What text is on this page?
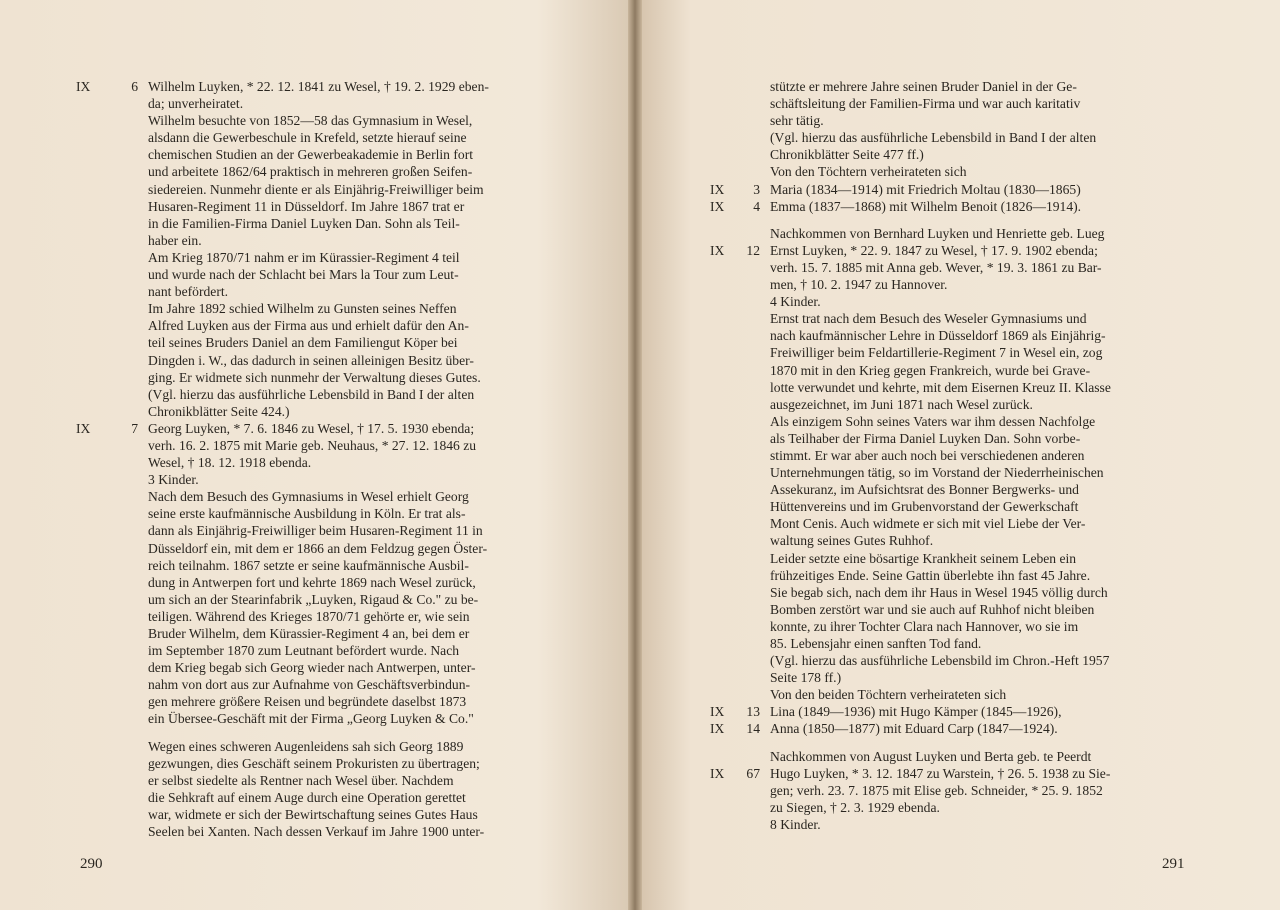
IX	6 Wilhelm Luyken, * 22. 12. 1841 zu Wesel, † 19. 2. 1929 eben-
da; unverheiratet.
Wilhelm besuchte von 1852—58 das Gymnasium in Wesel,
alsdann die Gewerbeschule in Krefeld, setzte hierauf seine
chemischen Studien an der Gewerbeakademie in Berlin fort
und arbeitete 1862/64 praktisch in mehreren großen Seifen-
siedereien. Nunmehr diente er als Einjährig-Freiwilliger beim
Husaren-Regiment 11 in Düsseldorf. Im Jahre 1867 trat er
in die Familien-Firma Daniel Luyken Dan. Sohn als Teil-
haber ein.
Am Krieg 1870/71 nahm er im Kürassier-Regiment 4 teil
und wurde nach der Schlacht bei Mars la Tour zum Leut-
nant befördert.
Im Jahre 1892 schied Wilhelm zu Gunsten seines Neffen
Alfred Luyken aus der Firma aus und erhielt dafür den An-
teil seines Bruders Daniel an dem Familiengut Köper bei
Dingden i. W., das dadurch in seinen alleinigen Besitz über-
ging. Er widmete sich nunmehr der Verwaltung dieses Gutes.
(Vgl. hierzu das ausführliche Lebensbild in Band I der alten
Chronikblätter Seite 424.)
IX	7 Georg Luyken, * 7. 6. 1846 zu Wesel, † 17. 5. 1930 ebenda;
verh. 16. 2. 1875 mit Marie geb. Neuhaus, * 27. 12. 1846 zu
Wesel, † 18. 12. 1918 ebenda.
3 Kinder.
Nach dem Besuch des Gymnasiums in Wesel erhielt Georg
seine erste kaufmännische Ausbildung in Köln. Er trat als-
dann als Einjährig-Freiwilliger beim Husaren-Regiment 11 in
Düsseldorf ein, mit dem er 1866 an dem Feldzug gegen Öster-
reich teilnahm. 1867 setzte er seine kaufmännische Ausbil-
dung in Antwerpen fort und kehrte 1869 nach Wesel zurück,
um sich an der Stearinfabrik „Luyken, Rigaud & Co." zu be-
teiligen. Während des Krieges 1870/71 gehörte er, wie sein
Bruder Wilhelm, dem Kürassier-Regiment 4 an, bei dem er
im September 1870 zum Leutnant befördert wurde. Nach
dem Krieg begab sich Georg wieder nach Antwerpen, unter-
nahm von dort aus zur Aufnahme von Geschäftsverbindun-
gen mehrere größere Reisen und begründete daselbst 1873
ein Übersee-Geschäft mit der Firma „Georg Luyken & Co."
Wegen eines schweren Augenleidens sah sich Georg 1889
gezwungen, dies Geschäft seinem Prokuristen zu übertragen;
er selbst siedelte als Rentner nach Wesel über. Nachdem
die Sehkraft auf einem Auge durch eine Operation gerettet
war, widmete er sich der Bewirtschaftung seines Gutes Haus
Seelen bei Xanten. Nach dessen Verkauf im Jahre 1900 unter-
290
stützte er mehrere Jahre seinen Bruder Daniel in der Ge-
schäftsleitung der Familien-Firma und war auch karitativ
sehr tätig.
(Vgl. hierzu das ausführliche Lebensbild in Band I der alten
Chronikblätter Seite 477 ff.)
Von den Töchtern verheirateten sich
IX	3 Maria (1834—1914) mit Friedrich Moltau (1830—1865)
IX	4 Emma (1837—1868) mit Wilhelm Benoit (1826—1914).
Nachkommen von Bernhard Luyken und Henriette geb. Lueg
IX	12 Ernst Luyken, * 22. 9. 1847 zu Wesel, † 17. 9. 1902 ebenda;
verh. 15. 7. 1885 mit Anna geb. Wever, * 19. 3. 1861 zu Bar-
men, † 10. 2. 1947 zu Hannover.
4 Kinder.
Ernst trat nach dem Besuch des Weseler Gymnasiums und
nach kaufmännischer Lehre in Düsseldorf 1869 als Einjährig-
Freiwilliger beim Feldartillerie-Regiment 7 in Wesel ein, zog
1870 mit in den Krieg gegen Frankreich, wurde bei Grave-
lotte verwundet und kehrte, mit dem Eisernen Kreuz II. Klasse
ausgezeichnet, im Juni 1871 nach Wesel zurück.
Als einzigem Sohn seines Vaters war ihm dessen Nachfolge
als Teilhaber der Firma Daniel Luyken Dan. Sohn vorbe-
stimmt. Er war aber auch noch bei verschiedenen anderen
Unternehmungen tätig, so im Vorstand der Niederrheinischen
Assekuranz, im Aufsichtsrat des Bonner Bergwerks- und
Hüttenvereins und im Grubenvorstand der Gewerkschaft
Mont Cenis. Auch widmete er sich mit viel Liebe der Ver-
waltung seines Gutes Ruhhof.
Leider setzte eine bösartige Krankheit seinem Leben ein
frühzeitiges Ende. Seine Gattin überlebte ihn fast 45 Jahre.
Sie begab sich, nach dem ihr Haus in Wesel 1945 völlig durch
Bomben zerstört war und sie auch auf Ruhhof nicht bleiben
konnte, zu ihrer Tochter Clara nach Hannover, wo sie im
85. Lebensjahr einen sanften Tod fand.
(Vgl. hierzu das ausführliche Lebensbild im Chron.-Heft 1957
Seite 178 ff.)
Von den beiden Töchtern verheirateten sich
IX	13 Lina (1849—1936) mit Hugo Kämper (1845—1926),
IX	14 Anna (1850—1877) mit Eduard Carp (1847—1924).
Nachkommen von August Luyken und Berta geb. te Peerdt
IX	67 Hugo Luyken, * 3. 12. 1847 zu Warstein, † 26. 5. 1938 zu Sie-
gen; verh. 23. 7. 1875 mit Elise geb. Schneider, * 25. 9. 1852
zu Siegen, † 2. 3. 1929 ebenda.
8 Kinder.
291
